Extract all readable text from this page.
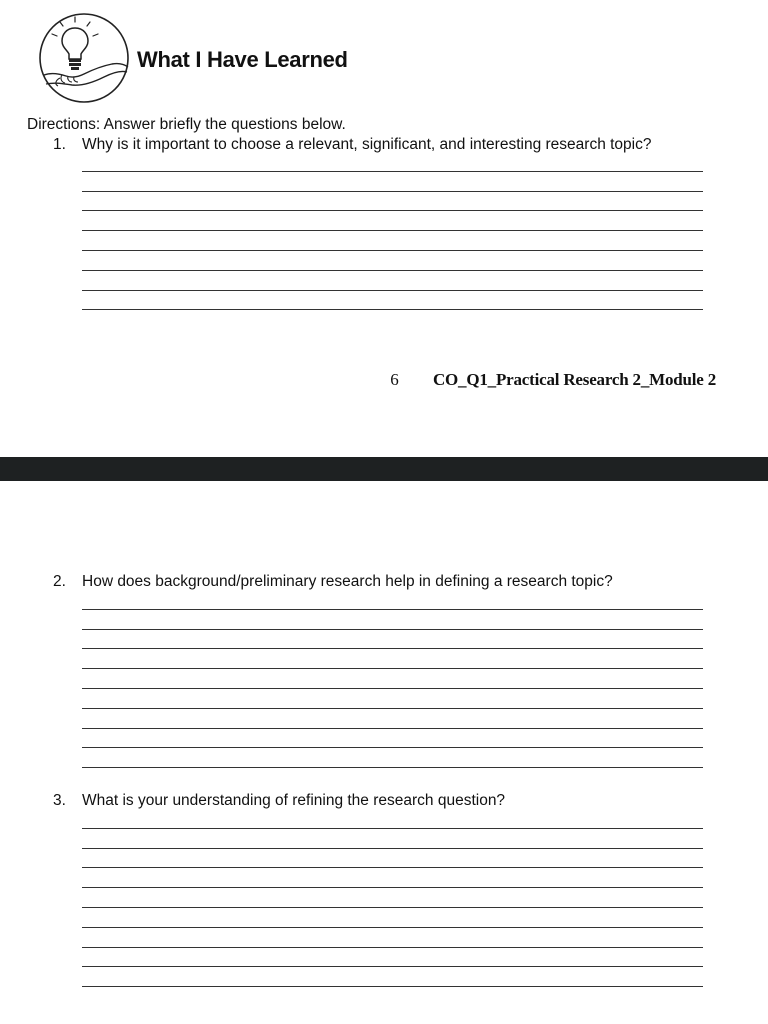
What I Have Learned
Directions: Answer briefly the questions below.
1. Why is it important to choose a relevant, significant, and interesting research topic?
6 CO_Q1_Practical Research 2_Module 2
2. How does background/preliminary research help in defining a research topic?
3. What is your understanding of refining the research question?
